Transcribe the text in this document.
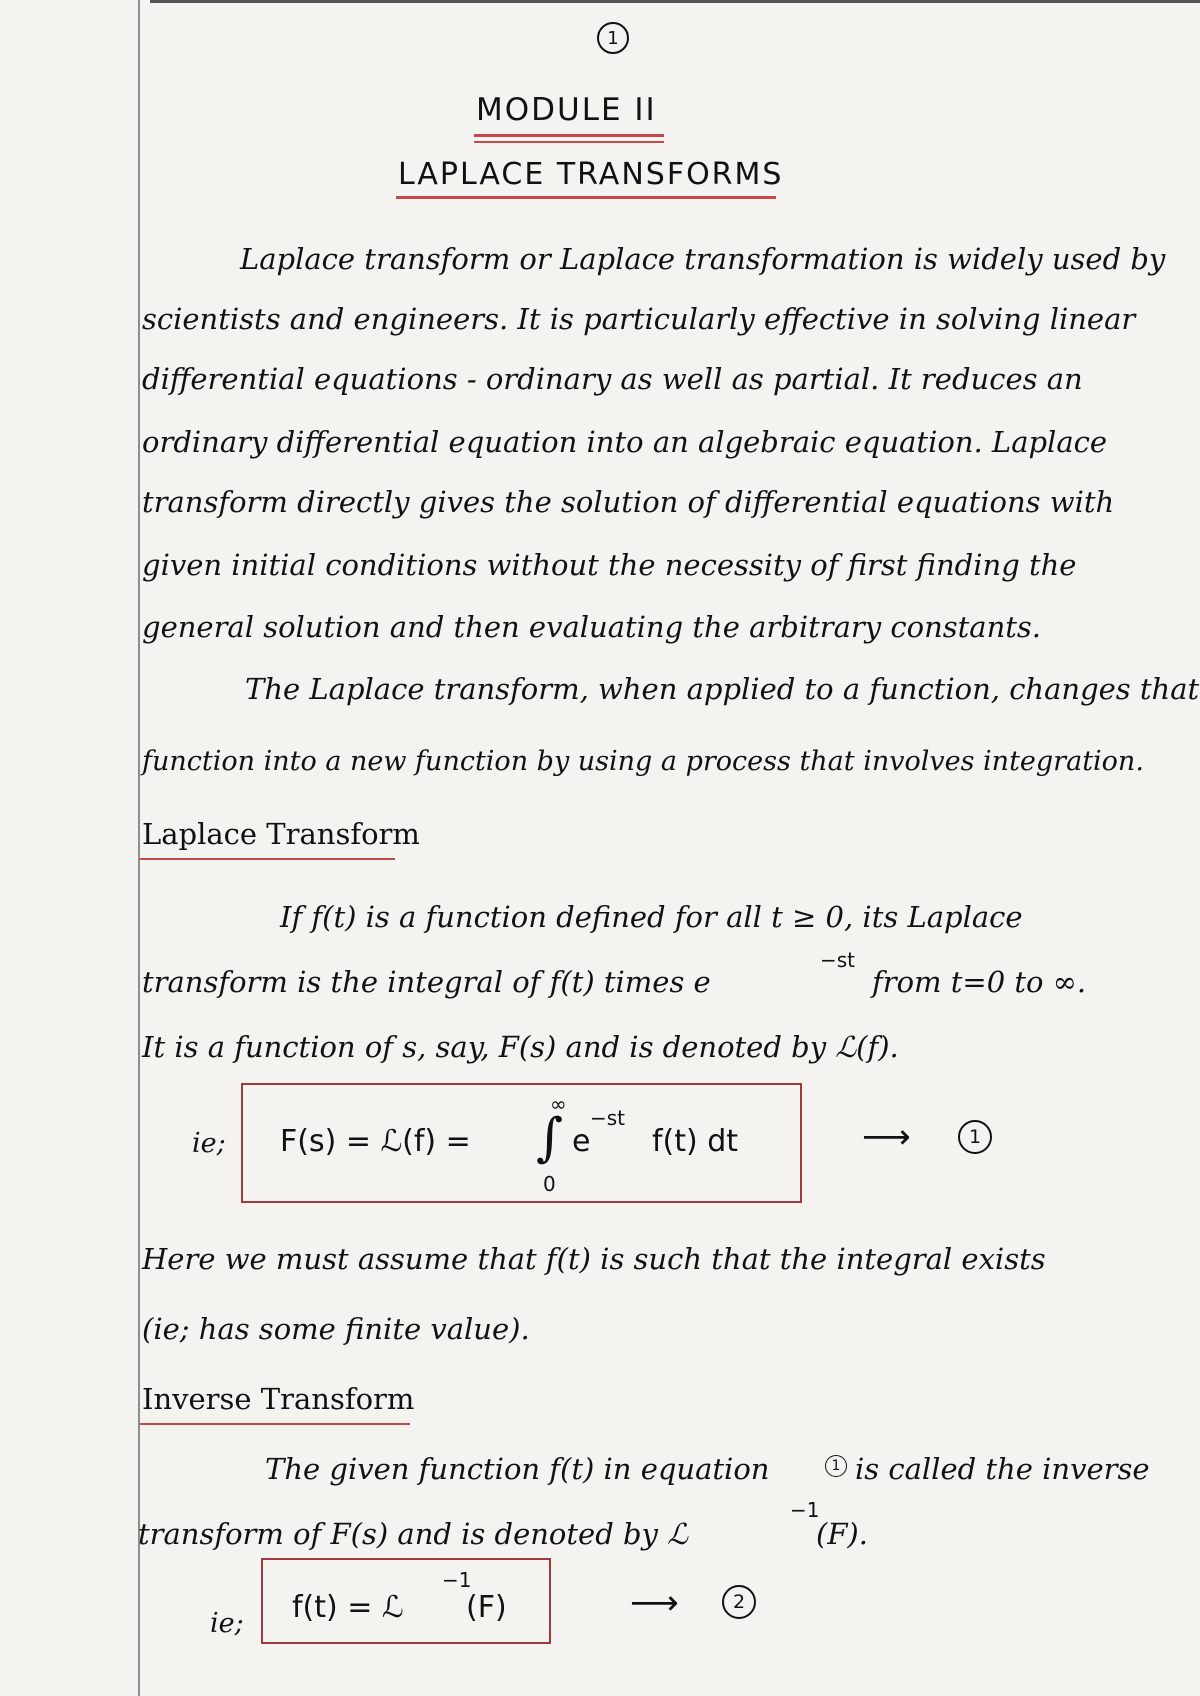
1
MODULE II
LAPLACE TRANSFORMS
Laplace transform or Laplace transformation is widely used by
scientists and engineers. It is particularly effective in solving linear
differential equations - ordinary as well as partial. It reduces an
ordinary differential equation into an algebraic equation. Laplace
transform directly gives the solution of differential equations with
given initial conditions without the necessity of first finding the
general solution and then evaluating the arbitrary constants.
The Laplace transform, when applied to a function, changes that
function into a new function by using a process that involves integration.
Laplace Transform
If f(t) is a function defined for all t ≥ 0, its Laplace
transform is the integral of f(t) times e
−st
from t=0 to ∞.
It is a function of s, say, F(s) and is denoted by ℒ(f).
ie; F(s) = ℒ(f) =
∞
∫
0
e
−st
f(t) dt	⟶	1
Here we must assume that f(t) is such that the integral exists
(ie; has some finite value).
Inverse Transform
The given function f(t) in equation	1 is called the inverse
transform of F(s) and is denoted by ℒ
−1
(F).
ie; f(t) = ℒ
−1
(F)	⟶	2
